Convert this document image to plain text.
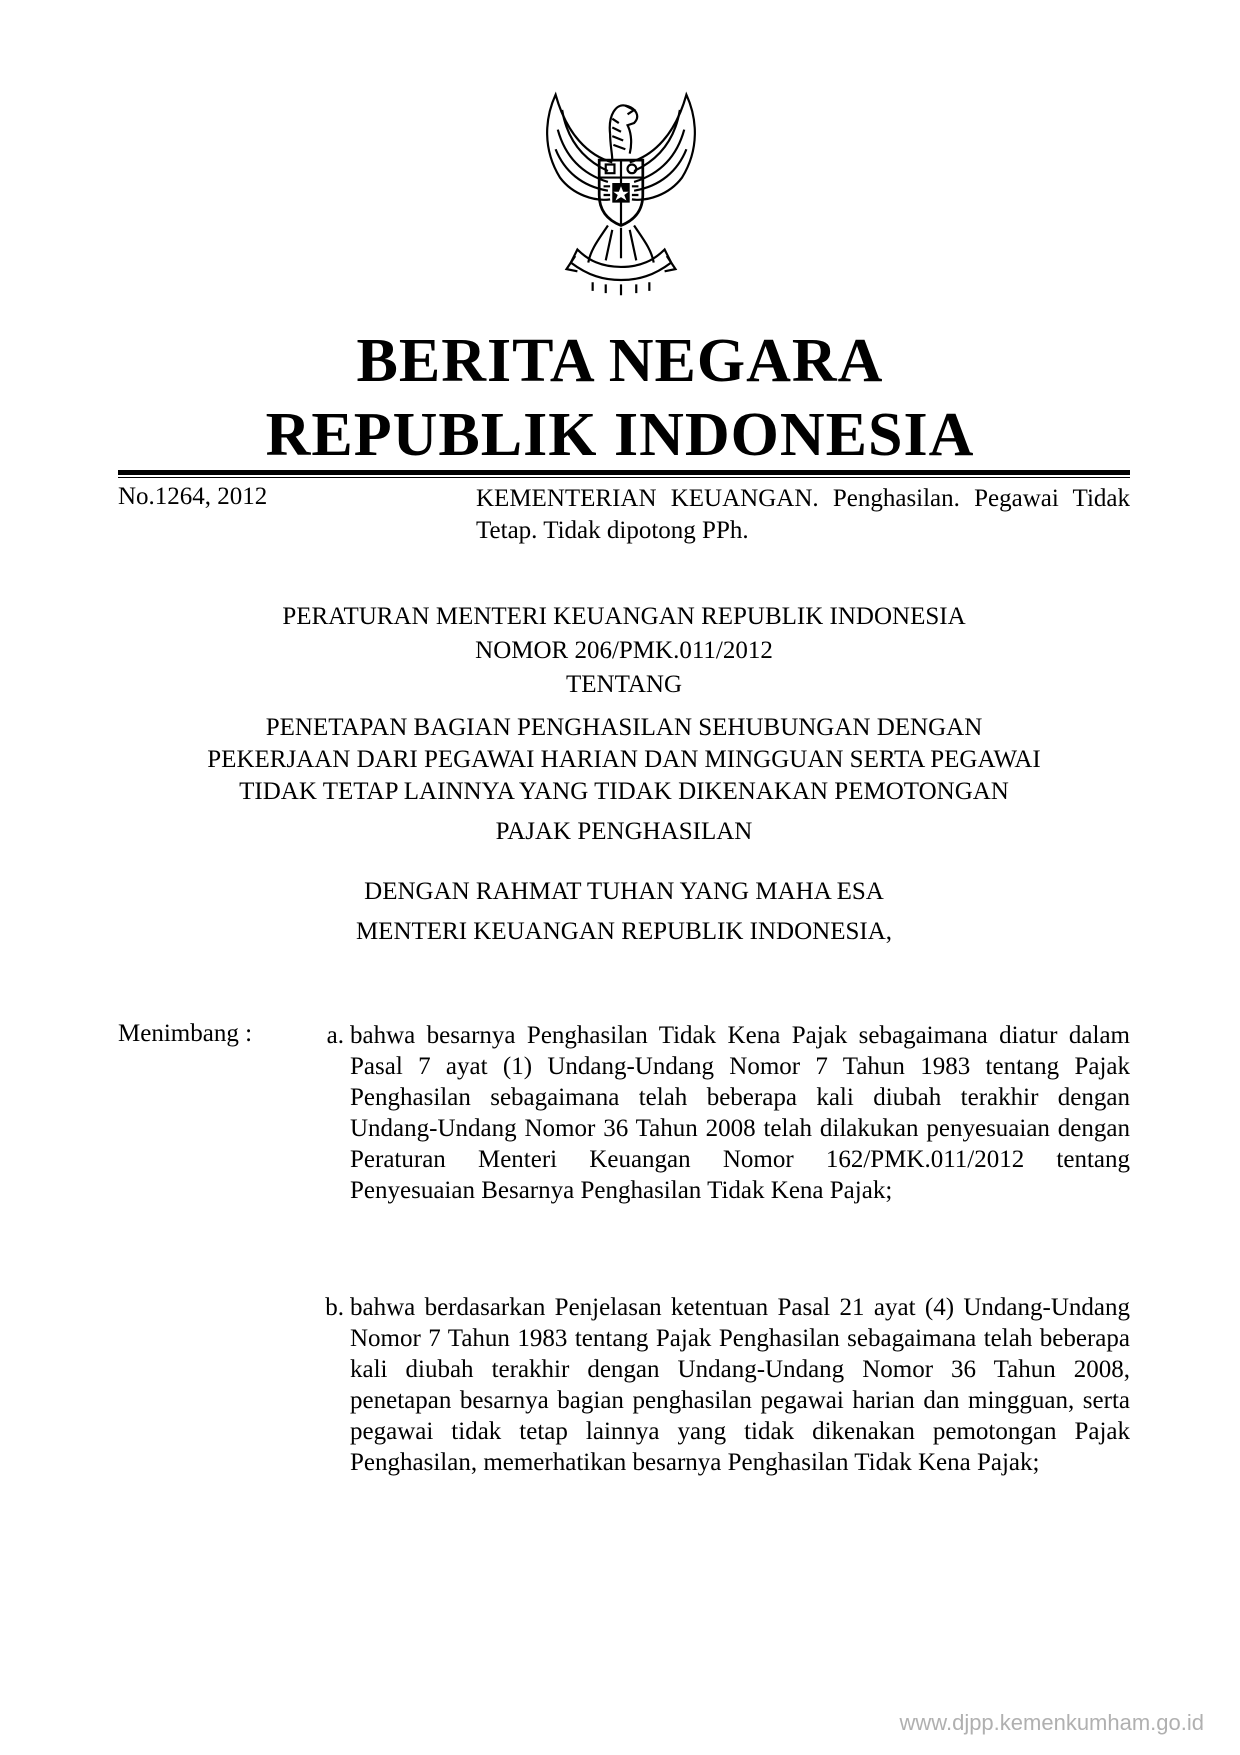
BERITA NEGARA
REPUBLIK INDONESIA
No.1264, 2012	KEMENTERIAN KEUANGAN. Penghasilan. Pegawai Tidak Tetap. Tidak dipotong PPh.
PERATURAN MENTERI KEUANGAN REPUBLIK INDONESIA
NOMOR 206/PMK.011/2012
TENTANG
PENETAPAN BAGIAN PENGHASILAN SEHUBUNGAN DENGAN
PEKERJAAN DARI PEGAWAI HARIAN DAN MINGGUAN SERTA PEGAWAI
TIDAK TETAP LAINNYA YANG TIDAK DIKENAKAN PEMOTONGAN
PAJAK PENGHASILAN
DENGAN RAHMAT TUHAN YANG MAHA ESA
MENTERI KEUANGAN REPUBLIK INDONESIA,
Menimbang :	a. bahwa besarnya Penghasilan Tidak Kena Pajak sebagaimana diatur dalam Pasal 7 ayat (1) Undang-Undang Nomor 7 Tahun 1983 tentang Pajak Penghasilan sebagaimana telah beberapa kali diubah terakhir dengan Undang-Undang Nomor 36 Tahun 2008 telah dilakukan penyesuaian dengan Peraturan Menteri Keuangan Nomor 162/PMK.011/2012 tentang Penyesuaian Besarnya Penghasilan Tidak Kena Pajak;
b. bahwa berdasarkan Penjelasan ketentuan Pasal 21 ayat (4) Undang-Undang Nomor 7 Tahun 1983 tentang Pajak Penghasilan sebagaimana telah beberapa kali diubah terakhir dengan Undang-Undang Nomor 36 Tahun 2008, penetapan besarnya bagian penghasilan pegawai harian dan mingguan, serta pegawai tidak tetap lainnya yang tidak dikenakan pemotongan Pajak Penghasilan, memerhatikan besarnya Penghasilan Tidak Kena Pajak;
www.djpp.kemenkumham.go.id
